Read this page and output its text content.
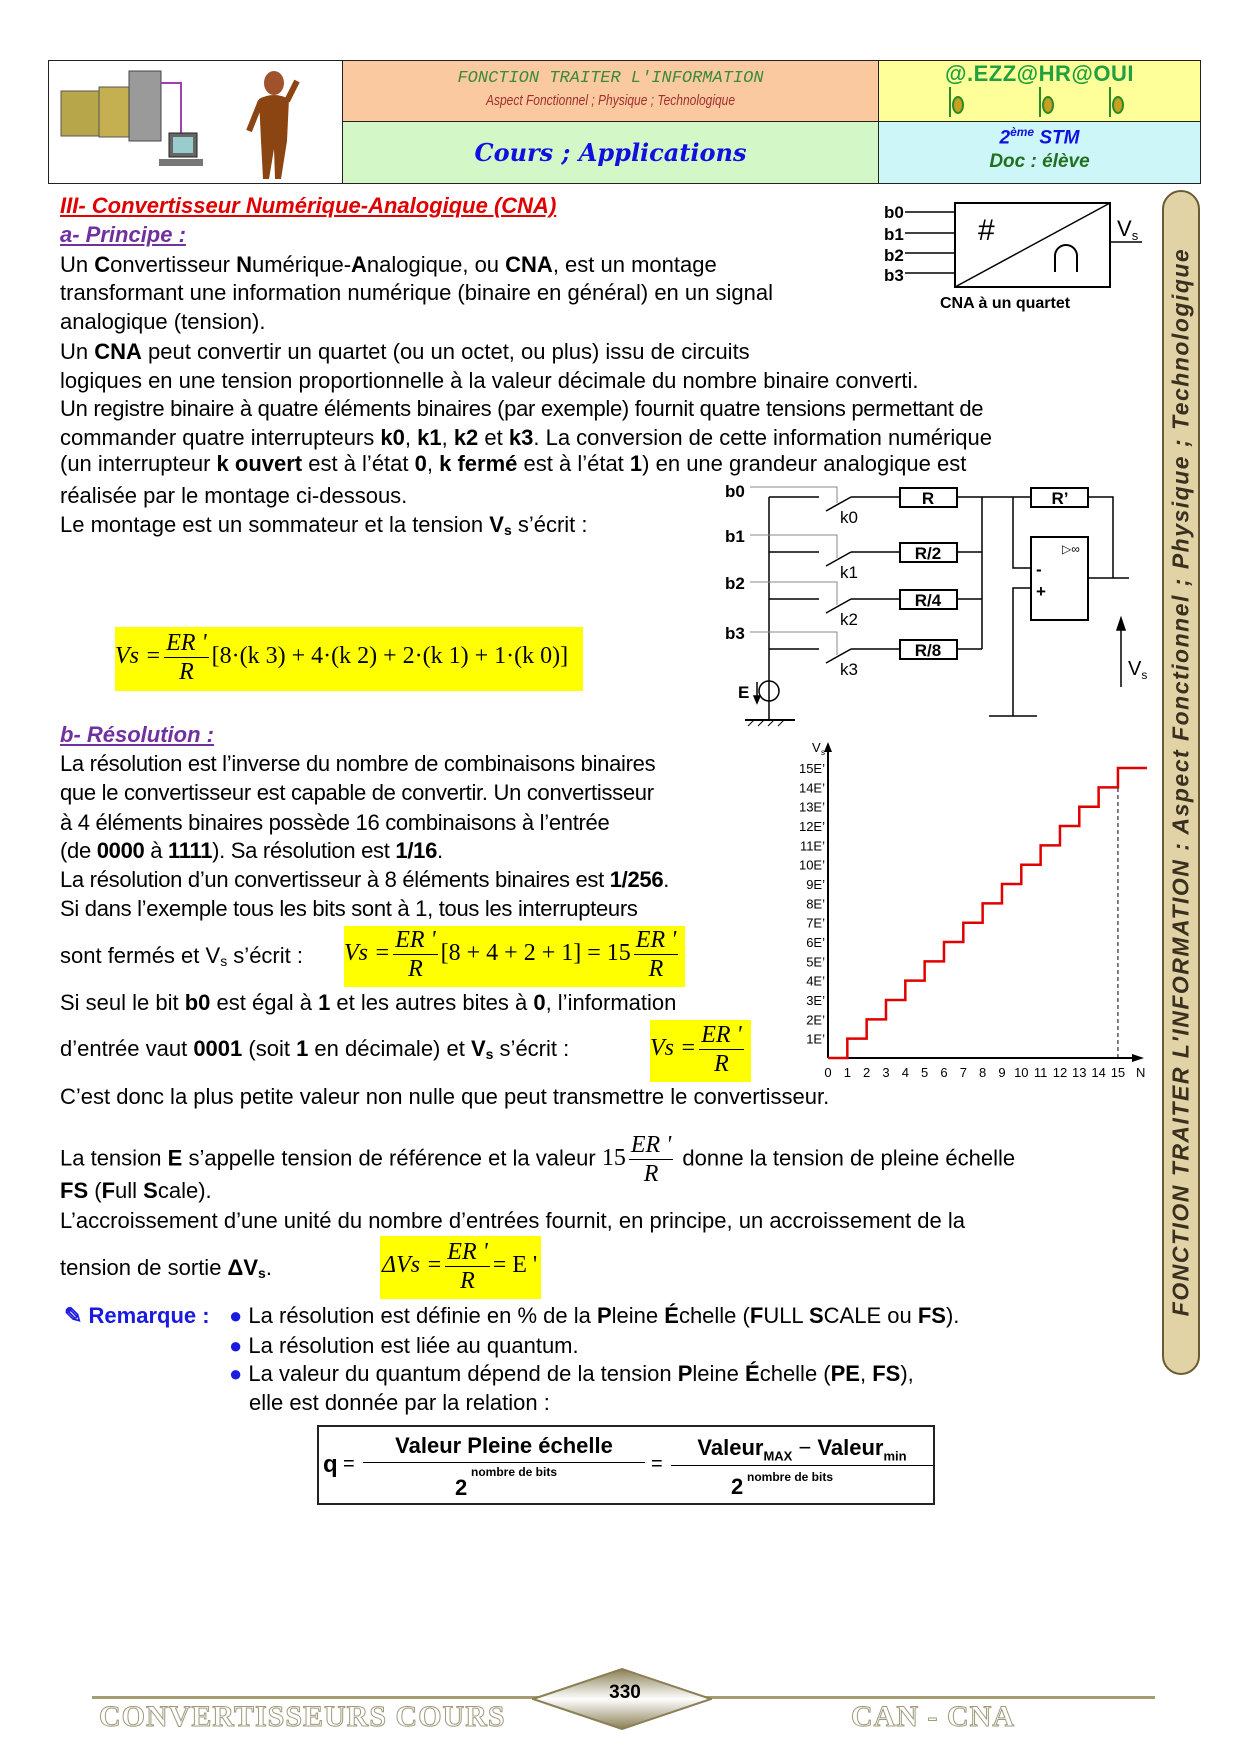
FONCTION TRAITER L'INFORMATION
Aspect Fonctionnel ; Physique ; Technologique
Cours ; Applications
@.EZZ@HR@OUI
2ème STM
Doc : élève
FONCTION TRAITER L'INFORMATION : Aspect Fonctionnel ; Physique ; Technologique
III- Convertisseur Numérique-Analogique (CNA)
a- Principe :
Un Convertisseur Numérique-Analogique, ou CNA, est un montage
transformant une information numérique (binaire en général) en un signal
analogique (tension).
Un CNA peut convertir un quartet (ou un octet, ou plus) issu de circuits
logiques en une tension proportionnelle à la valeur décimale du nombre binaire converti.
Un registre binaire à quatre éléments binaires (par exemple) fournit quatre tensions permettant de
commander quatre interrupteurs k0, k1, k2 et k3. La conversion de cette information numérique
(un interrupteur k ouvert est à l’état 0, k fermé est à l’état 1) en une grandeur analogique est
réalisée par le montage ci-dessous.
Le montage est un sommateur et la tension $V_s$ s’écrit :
$Vs = \frac{ER '}{R} [8\cdot(k$ 3) + 4·(k 2) + 2·(k 1) + 1·(k 0)]
b- Résolution :
La résolution est l’inverse du nombre de combinaisons binaires
que le convertisseur est capable de convertir. Un convertisseur
à 4 éléments binaires possède 16 combinaisons à l’entrée
(de 0000 à 1111). Sa résolution est 1/16.
La résolution d’un convertisseur à 8 éléments binaires est 1/256.
Si dans l’exemple tous les bits sont à 1, tous les interrupteurs
sont fermés et $V_s$ s’écrit : $Vs = \frac{ER '}{R} [8 + 4 + 2 + 1] = 15 \frac{ER '}{R}$
Si seul le bit b0 est égal à 1 et les autres bites à 0, l’information
d’entrée vaut 0001 (soit 1 en décimale) et $V_s$ s’écrit :	$Vs = \frac{ER '}{R}$
C’est donc la plus petite valeur non nulle que peut transmettre le convertisseur.
La tension E s’appelle tension de référence et la valeur $15 \frac{ER '}{R}$ donne la tension de pleine échelle
FS (Full Scale).
L’accroissement d’une unité du nombre d’entrées fournit, en principe, un accroissement de la
tension de sortie $\Delta V_s$.	$\Delta Vs = \frac{ER '}{R} = E$ '
✎ Remarque : ● La résolution est définie en % de la Pleine Échelle (FULL SCALE ou FS).
● La résolution est liée au quantum.
● La valeur du quantum dépend de la tension Pleine Échelle (PE, FS),
elle est donnée par la relation :
q =
Valeur Pleine échelle
2
nombre de bits	=
Valeur$_{MAX}$ − Valeur$_{min}$
2 nombre de bits
#
b0
b1
b2
b3
Vs
CNA à un quartet
b0
b1
b2
b3
k0
k1
k2
k3
R
R/2
R/4
R/8
R’
▷∞
-
+
E
$V_s$
0 1 2 3 4 5 6 7 8 9 10 11 12 13 14 15
1E’
2E’
3E’
4E’
5E’
6E’
7E’
8E’
9E’
10E’
11E’
12E’
13E’
14E’
15E’
N
V s
330
CONVERTISSEURS COURS	CAN - CNA
